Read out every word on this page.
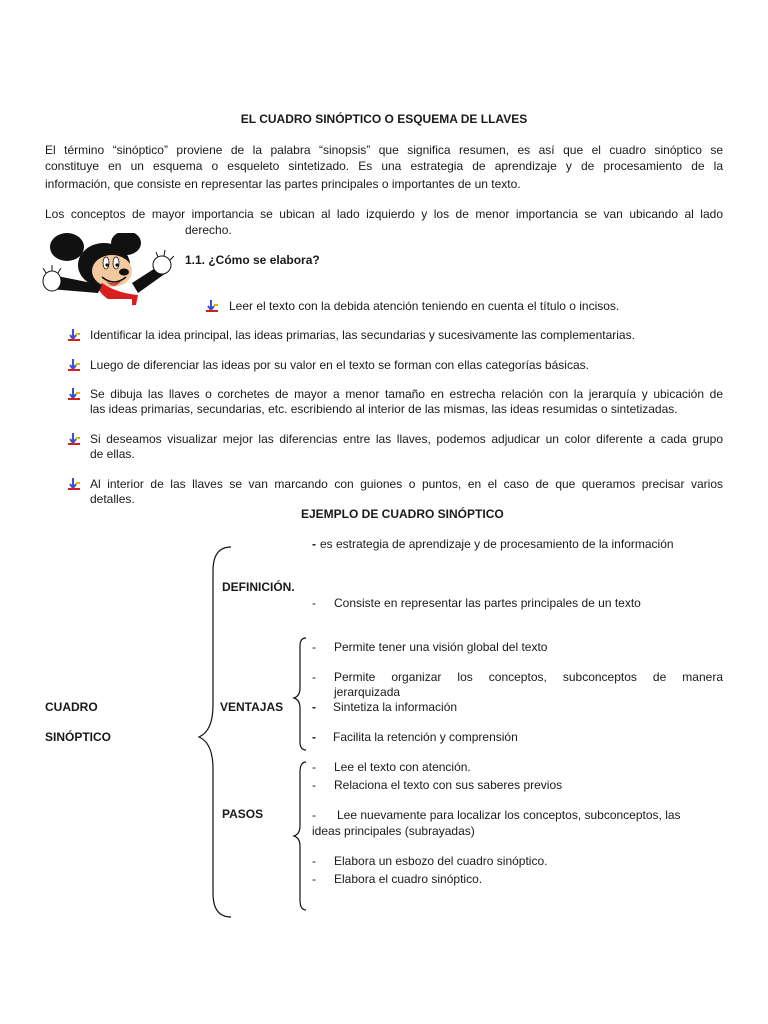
EL CUADRO SINÓPTICO O ESQUEMA DE LLAVES
El término “sinóptico” proviene de la palabra “sinopsis” que significa resumen, es así que el cuadro sinóptico se
constituye en un esquema o esqueleto sintetizado. Es una estrategia de aprendizaje y de procesamiento de la
información, que consiste en representar las partes principales o importantes de un texto.
Los conceptos de mayor importancia se ubican al lado izquierdo y los de menor importancia se van ubicando al lado
derecho.
1.1. ¿Cómo se elabora?
Leer el texto con la debida atención teniendo en cuenta el título o incisos.
Identificar la idea principal, las ideas primarias, las secundarias y sucesivamente las complementarias.
Luego de diferenciar las ideas por su valor en el texto se forman con ellas categorías básicas.
Se dibuja las llaves o corchetes de mayor a menor tamaño en estrecha relación con la jerarquía y ubicación de
las ideas primarias, secundarias, etc. escribiendo al interior de las mismas, las ideas resumidas o sintetizadas.
Si deseamos visualizar mejor las diferencias entre las llaves, podemos adjudicar un color diferente a cada grupo
de ellas.
Al interior de las llaves se van marcando con guiones o puntos, en el caso de que queramos precisar varios
detalles.
EJEMPLO DE CUADRO SINÓPTICO
CUADRO
SINÓPTICO
DEFINICIÓN.
- es estrategia de aprendizaje y de procesamiento de la información
- Consiste en representar las partes principales de un texto
VENTAJAS
- Permite tener una visión global del texto
- Permite organizar los conceptos, subconceptos de manera
jerarquizada
- Sintetiza la información
- Facilita la retención y comprensión
PASOS
- Lee el texto con atención.
- Relaciona el texto con sus saberes previos
- Lee nuevamente para localizar los conceptos, subconceptos, las
ideas principales (subrayadas)
- Elabora un esbozo del cuadro sinóptico.
- Elabora el cuadro sinóptico.
